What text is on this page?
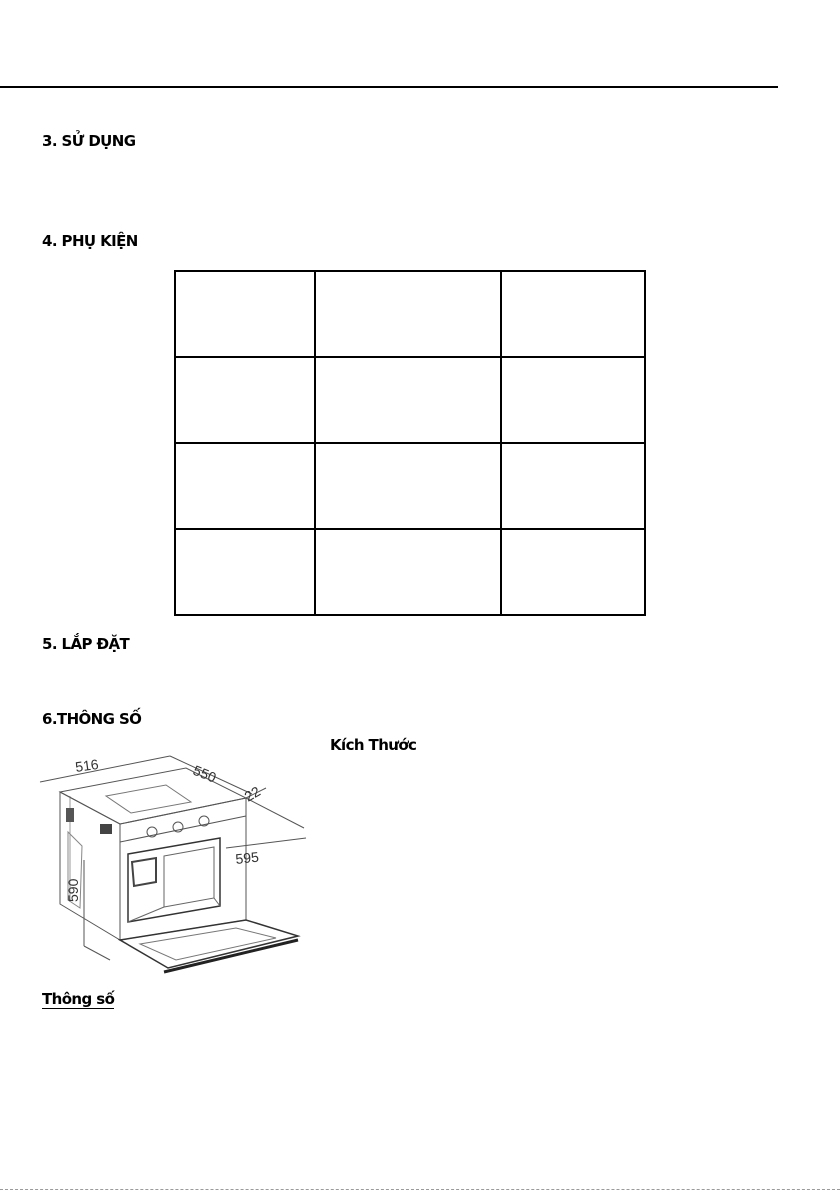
3. SỬ DỤNG
4. PHỤ KIỆN

5. LẮP ĐẶT
6.THÔNG SỐ

Kích Thước

516	550
22
595
590

Thông số
